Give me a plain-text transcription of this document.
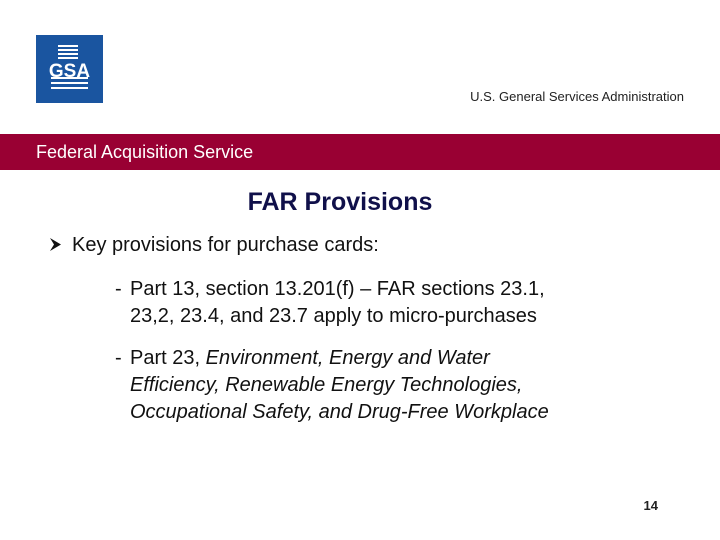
GSA
U.S. General Services Administration
Federal Acquisition Service
FAR Provisions
Key provisions for purchase cards:
- Part 13, section 13.201(f) – FAR sections 23.1,
23,2, 23.4, and 23.7 apply to micro-purchases
- Part 23, Environment, Energy and Water
Efficiency, Renewable Energy Technologies,
Occupational Safety, and Drug-Free Workplace
14
